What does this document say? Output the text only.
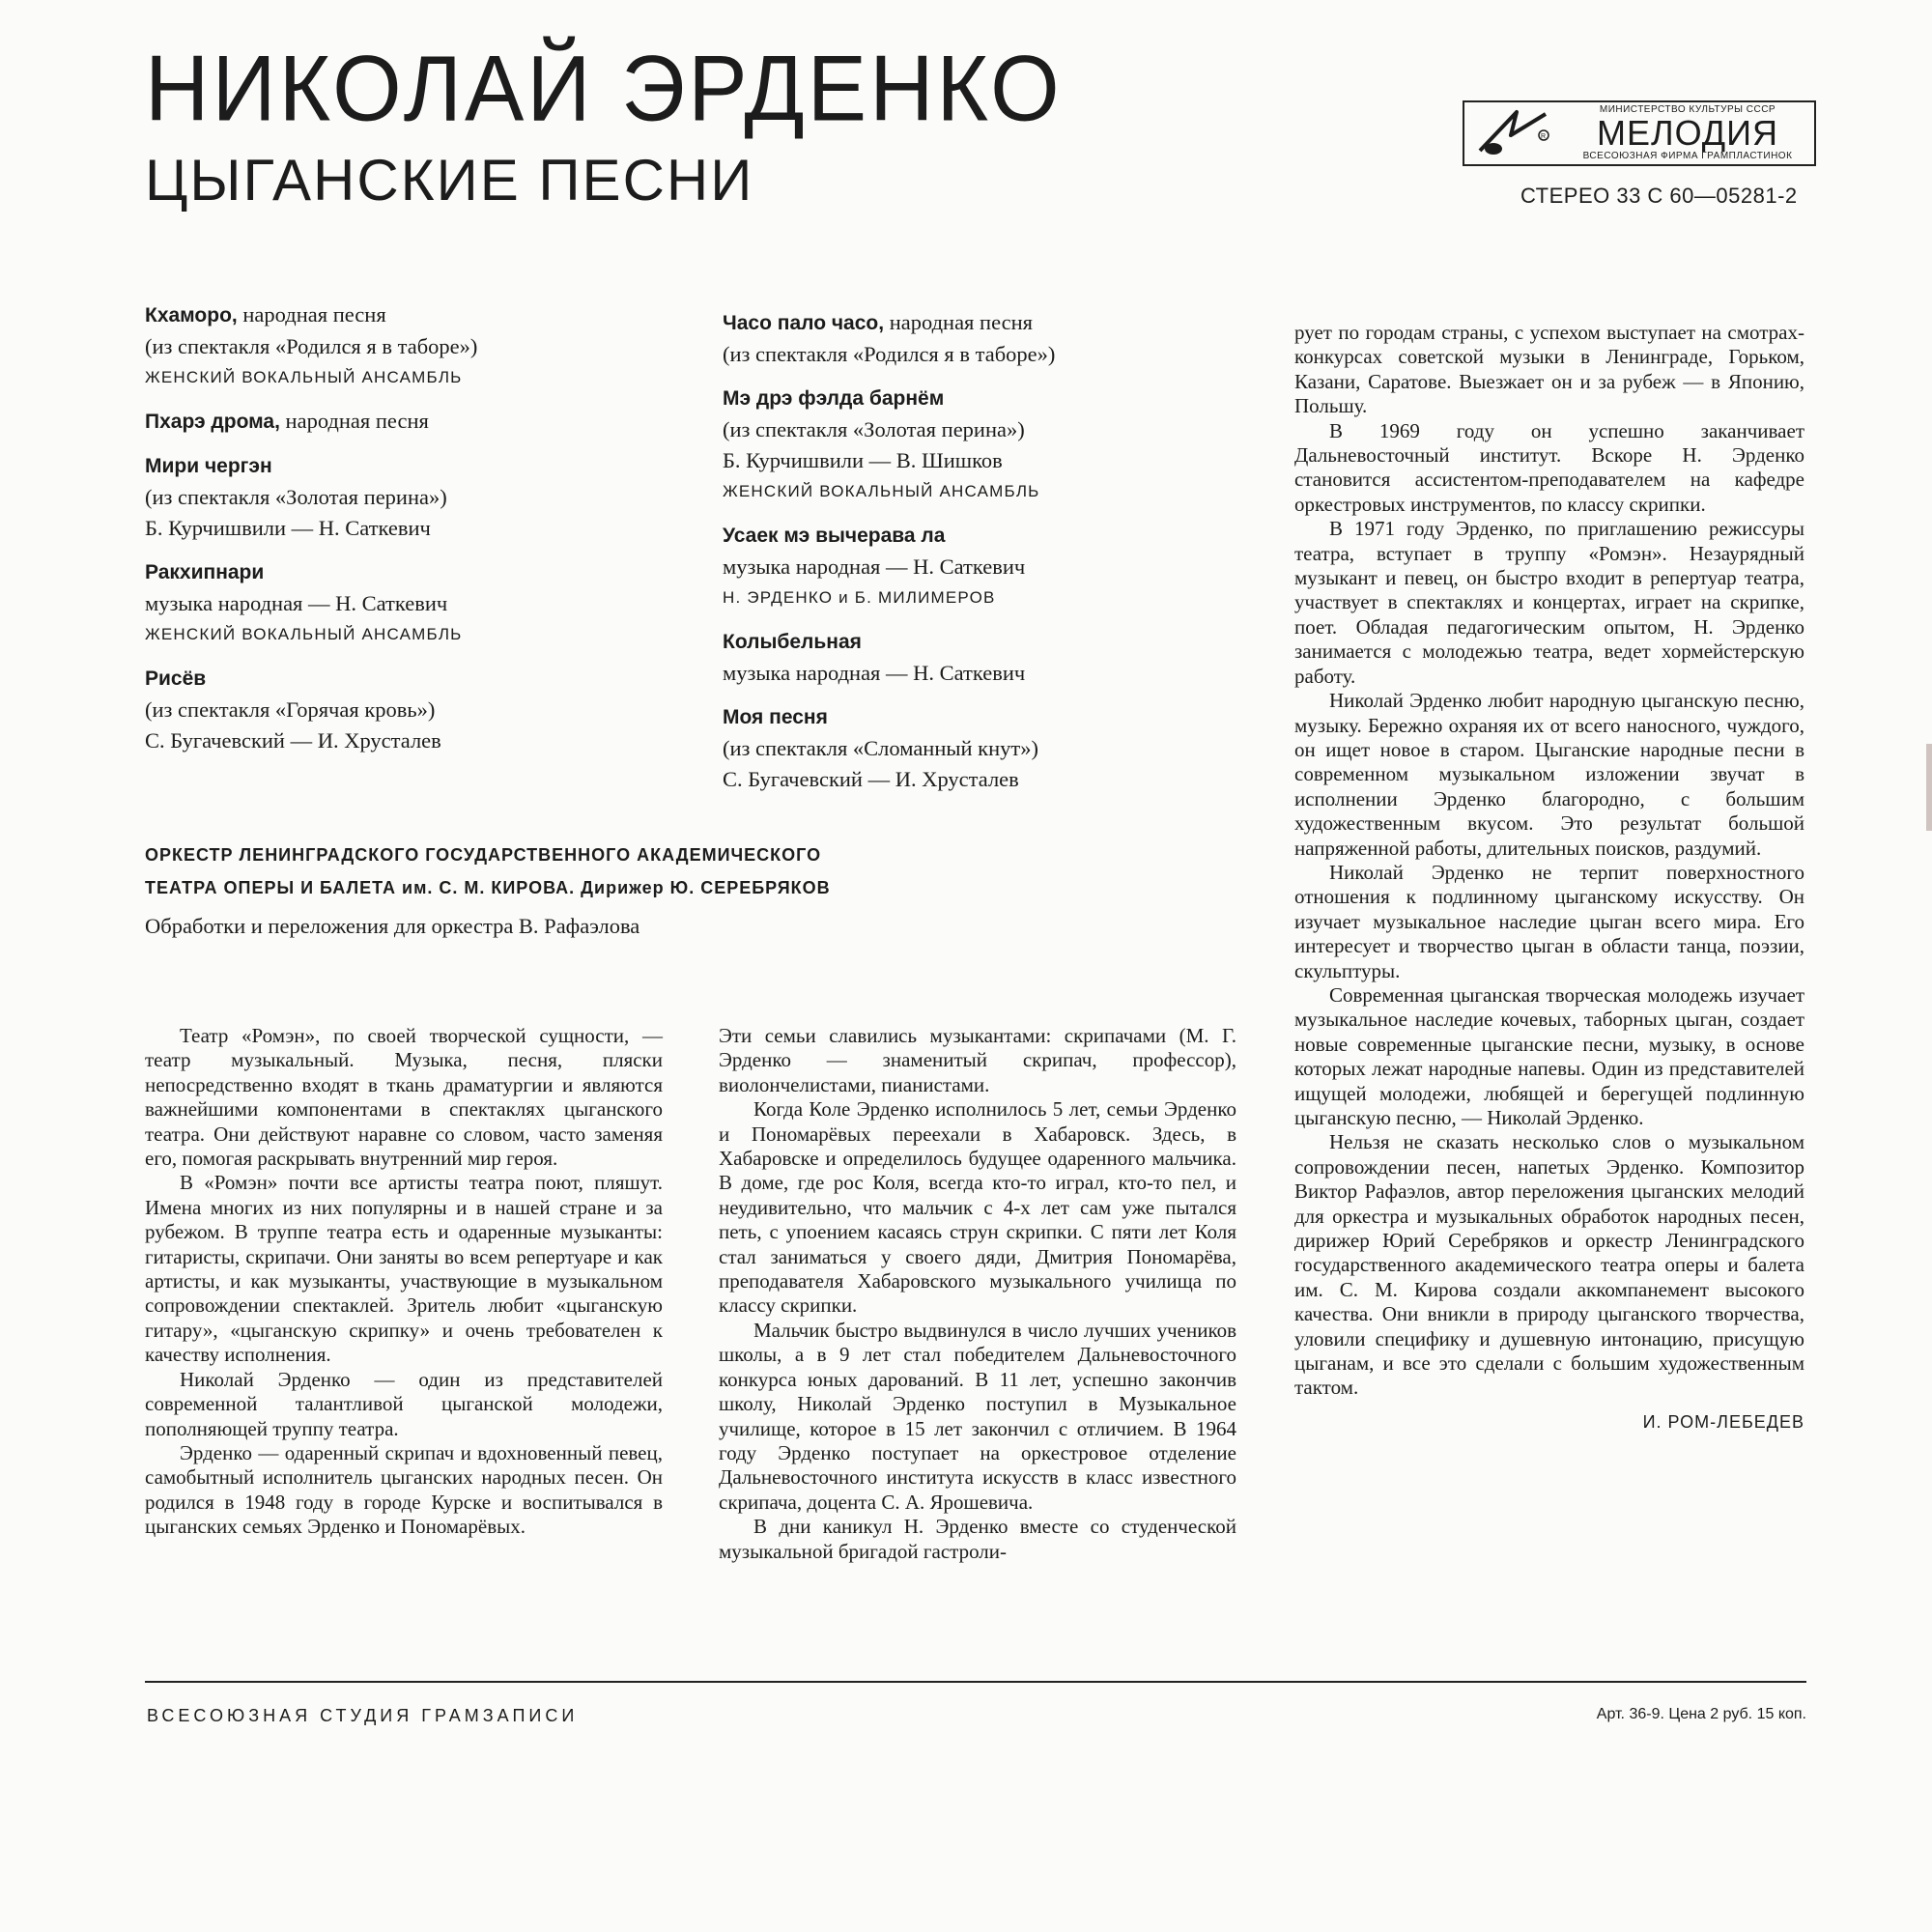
НИКОЛАЙ ЭРДЕНКО
ЦЫГАНСКИЕ ПЕСНИ
R
МИНИСТЕРСТВО КУЛЬТУРЫ СССР
МЕЛОДИЯ
ВСЕСОЮЗНАЯ ФИРМА ГРАМПЛАСТИНОК
СТЕРЕО 33 С 60—05281-2
Кхаморо, народная песня
(из спектакля «Родился я в таборе»)
ЖЕНСКИЙ ВОКАЛЬНЫЙ АНСАМБЛЬ
Пхарэ дрома, народная песня
Мири чергэн
(из спектакля «Золотая перина»)
Б. Курчишвили — Н. Саткевич
Ракхипнари
музыка народная — Н. Саткевич
ЖЕНСКИЙ ВОКАЛЬНЫЙ АНСАМБЛЬ
Рисёв
(из спектакля «Горячая кровь»)
С. Бугачевский — И. Хрусталев
Часо пало часо, народная песня
(из спектакля «Родился я в таборе»)
Мэ дрэ фэлда барнём
(из спектакля «Золотая перина»)
Б. Курчишвили — В. Шишков
ЖЕНСКИЙ ВОКАЛЬНЫЙ АНСАМБЛЬ
Усаек мэ вычерава ла
музыка народная — Н. Саткевич
Н. ЭРДЕНКО и Б. МИЛИМЕРОВ
Колыбельная
музыка народная — Н. Саткевич
Моя песня
(из спектакля «Сломанный кнут»)
С. Бугачевский — И. Хрусталев
ОРКЕСТР ЛЕНИНГРАДСКОГО ГОСУДАРСТВЕННОГО АКАДЕМИЧЕСКОГО
ТЕАТРА ОПЕРЫ И БАЛЕТА им. С. М. КИРОВА. Дирижер Ю. СЕРЕБРЯКОВ
Обработки и переложения для оркестра В. Рафаэлова

Театр «Ромэн», по своей творческой сущности, — театр музыкальный. Музыка, песня, пляски непосредственно входят в ткань драматургии и являются важнейшими компонентами в спектаклях цыганского театра. Они действуют наравне со словом, часто заменяя его, помогая раскрывать внутренний мир героя.

В «Ромэн» почти все артисты театра поют, пляшут. Имена многих из них популярны и в нашей стране и за рубежом. В труппе театра есть и одаренные музыканты: гитаристы, скрипачи. Они заняты во всем репертуаре и как артисты, и как музыканты, участвующие в музыкальном сопровождении спектаклей. Зритель любит «цыганскую гитару», «цыганскую скрипку» и очень требователен к качеству исполнения.

Николай Эрденко — один из представителей современной талантливой цыганской молодежи, пополняющей труппу театра.

Эрденко — одаренный скрипач и вдохновенный певец, самобытный исполнитель цыганских народных песен. Он родился в 1948 году в городе Курске и воспитывался в цыганских семьях Эрденко и Пономарёвых.

Эти семьи славились музыкантами: скрипачами (М. Г. Эрденко — знаменитый скрипач, профессор), виолончелистами, пианистами.

Когда Коле Эрденко исполнилось 5 лет, семьи Эрденко и Пономарёвых переехали в Хабаровск. Здесь, в Хабаровске и определилось будущее одаренного мальчика. В доме, где рос Коля, всегда кто-то играл, кто-то пел, и неудивительно, что мальчик с 4-х лет сам уже пытался петь, с упоением касаясь струн скрипки. С пяти лет Коля стал заниматься у своего дяди, Дмитрия Пономарёва, преподавателя Хабаровского музыкального училища по классу скрипки.

Мальчик быстро выдвинулся в число лучших учеников школы, а в 9 лет стал победителем Дальневосточного конкурса юных дарований. В 11 лет, успешно закончив школу, Николай Эрденко поступил в Музыкальное училище, которое в 15 лет закончил с отличием. В 1964 году Эрденко поступает на оркестровое отделение Дальневосточного института искусств в класс известного скрипача, доцента С. А. Ярошевича.

В дни каникул Н. Эрденко вместе со студенческой музыкальной бригадой гастроли-

рует по городам страны, с успехом выступает на смотрах-конкурсах советской музыки в Ленинграде, Горьком, Казани, Саратове. Выезжает он и за рубеж — в Японию, Польшу.

В 1969 году он успешно заканчивает Дальневосточный институт. Вскоре Н. Эрденко становится ассистентом-преподавателем на кафедре оркестровых инструментов, по классу скрипки.

В 1971 году Эрденко, по приглашению режиссуры театра, вступает в труппу «Ромэн». Незаурядный музыкант и певец, он быстро входит в репертуар театра, участвует в спектаклях и концертах, играет на скрипке, поет. Обладая педагогическим опытом, Н. Эрденко занимается с молодежью театра, ведет хормейстерскую работу.

Николай Эрденко любит народную цыганскую песню, музыку. Бережно охраняя их от всего наносного, чуждого, он ищет новое в старом. Цыганские народные песни в современном музыкальном изложении звучат в исполнении Эрденко благородно, с большим художественным вкусом. Это результат большой напряженной работы, длительных поисков, раздумий.

Николай Эрденко не терпит поверхностного отношения к подлинному цыганскому искусству. Он изучает музыкальное наследие цыган всего мира. Его интересует и творчество цыган в области танца, поэзии, скульптуры.

Современная цыганская творческая молодежь изучает музыкальное наследие кочевых, таборных цыган, создает новые современные цыганские песни, музыку, в основе которых лежат народные напевы. Один из представителей ищущей молодежи, любящей и берегущей подлинную цыганскую песню, — Николай Эрденко.

Нельзя не сказать несколько слов о музыкальном сопровождении песен, напетых Эрденко. Композитор Виктор Рафаэлов, автор переложения цыганских мелодий для оркестра и музыкальных обработок народных песен, дирижер Юрий Серебряков и оркестр Ленинградского государственного академического театра оперы и балета им. С. М. Кирова создали аккомпанемент высокого качества. Они вникли в природу цыганского творчества, уловили специфику и душевную интонацию, присущую цыганам, и все это сделали с большим художественным тактом.

И. РОМ-ЛЕБЕДЕВ
ВСЕСОЮЗНАЯ СТУДИЯ ГРАМЗАПИСИ	Арт. 36-9. Цена 2 руб. 15 коп.
